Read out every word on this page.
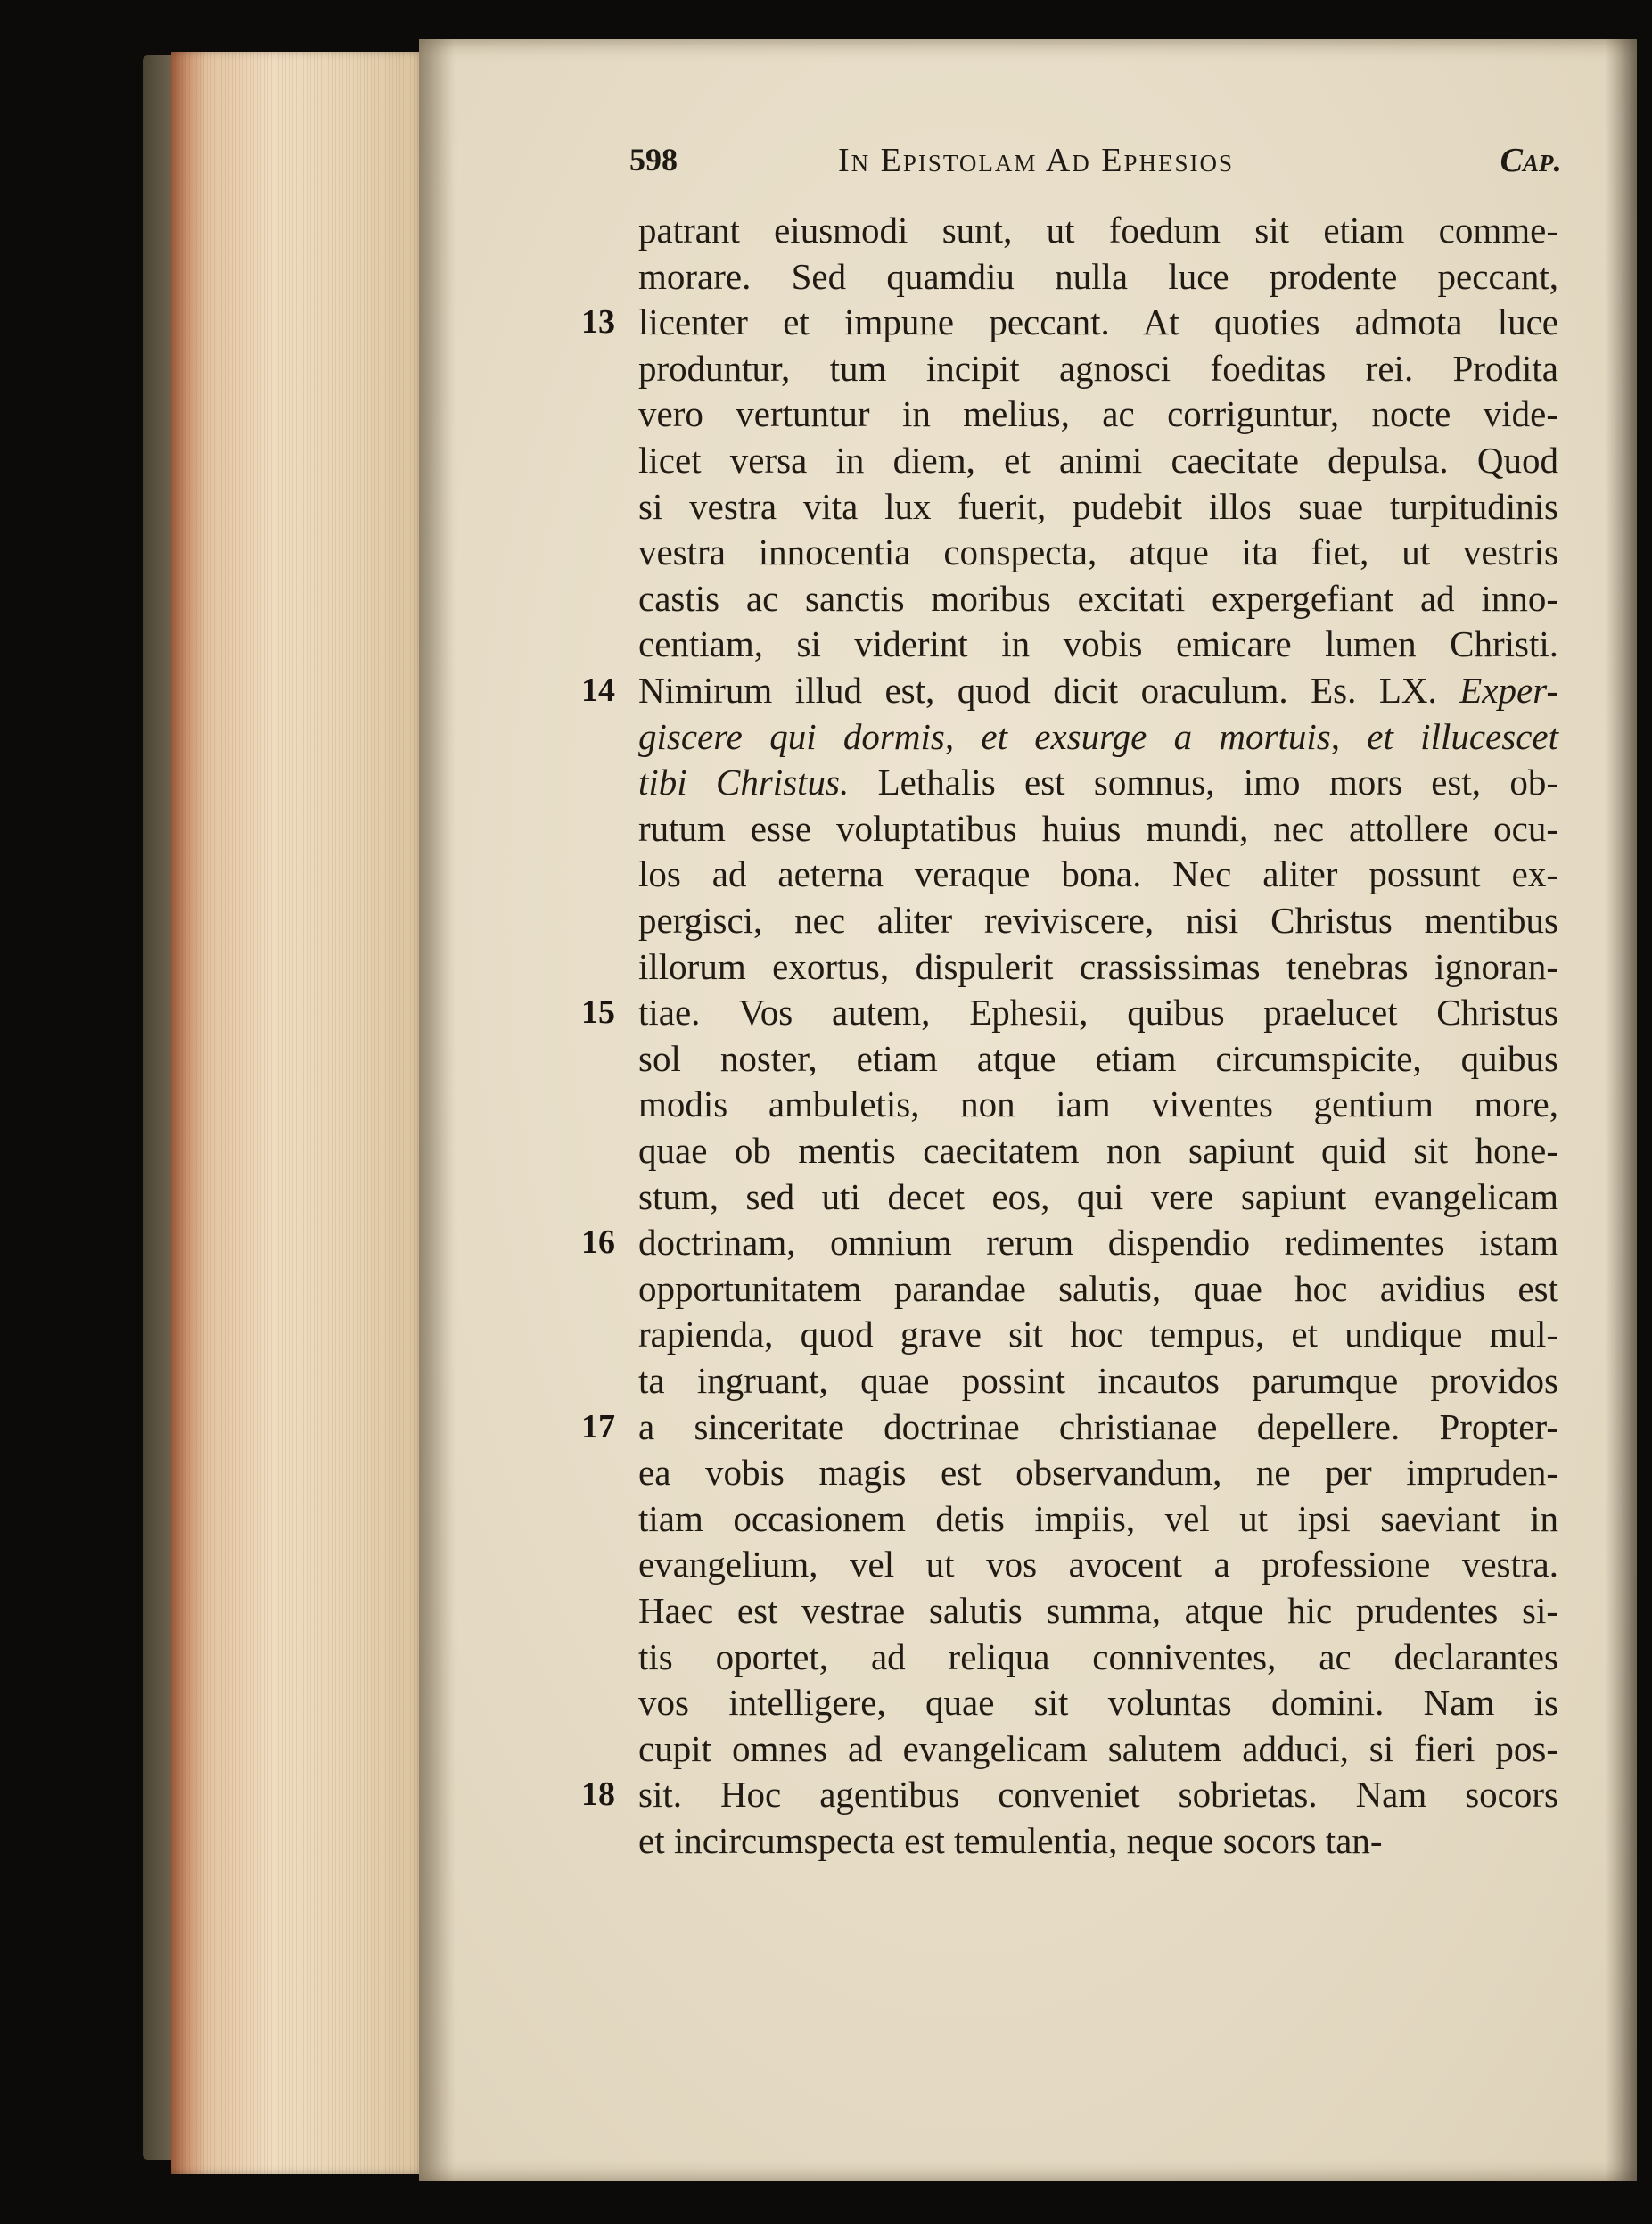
598	In Epistolam Ad Ephesios	Cap.
patrant eiusmodi sunt, ut foedum sit etiam comme-
morare. Sed quamdiu nulla luce prodente peccant,
licenter et impune peccant. At quoties admota luce
13
produntur, tum incipit agnosci foeditas rei. Prodita
vero vertuntur in melius, ac corriguntur, nocte vide-
licet versa in diem, et animi caecitate depulsa. Quod
si vestra vita lux fuerit, pudebit illos suae turpitudinis
vestra innocentia conspecta, atque ita fiet, ut vestris
castis ac sanctis moribus excitati expergefiant ad inno-
centiam, si viderint in vobis emicare lumen Christi.
Nimirum illud est, quod dicit oraculum. Es. LX. Exper-
14
giscere qui dormis, et exsurge a mortuis, et illucescet
tibi Christus. Lethalis est somnus, imo mors est, ob-
rutum esse voluptatibus huius mundi, nec attollere ocu-
los ad aeterna veraque bona. Nec aliter possunt ex-
pergisci, nec aliter reviviscere, nisi Christus mentibus
illorum exortus, dispulerit crassissimas tenebras ignoran-
tiae. Vos autem, Ephesii, quibus praelucet Christus
15
sol noster, etiam atque etiam circumspicite, quibus
modis ambuletis, non iam viventes gentium more,
quae ob mentis caecitatem non sapiunt quid sit hone-
stum, sed uti decet eos, qui vere sapiunt evangelicam
doctrinam, omnium rerum dispendio redimentes istam
16
opportunitatem parandae salutis, quae hoc avidius est
rapienda, quod grave sit hoc tempus, et undique mul-
ta ingruant, quae possint incautos parumque providos
a sinceritate doctrinae christianae depellere. Propter-
17
ea vobis magis est observandum, ne per impruden-
tiam occasionem detis impiis, vel ut ipsi saeviant in
evangelium, vel ut vos avocent a professione vestra.
Haec est vestrae salutis summa, atque hic prudentes si-
tis oportet, ad reliqua conniventes, ac declarantes
vos intelligere, quae sit voluntas domini. Nam is
cupit omnes ad evangelicam salutem adduci, si fieri pos-
sit. Hoc agentibus conveniet sobrietas. Nam socors
18
et incircumspecta est temulentia, neque socors tan-
